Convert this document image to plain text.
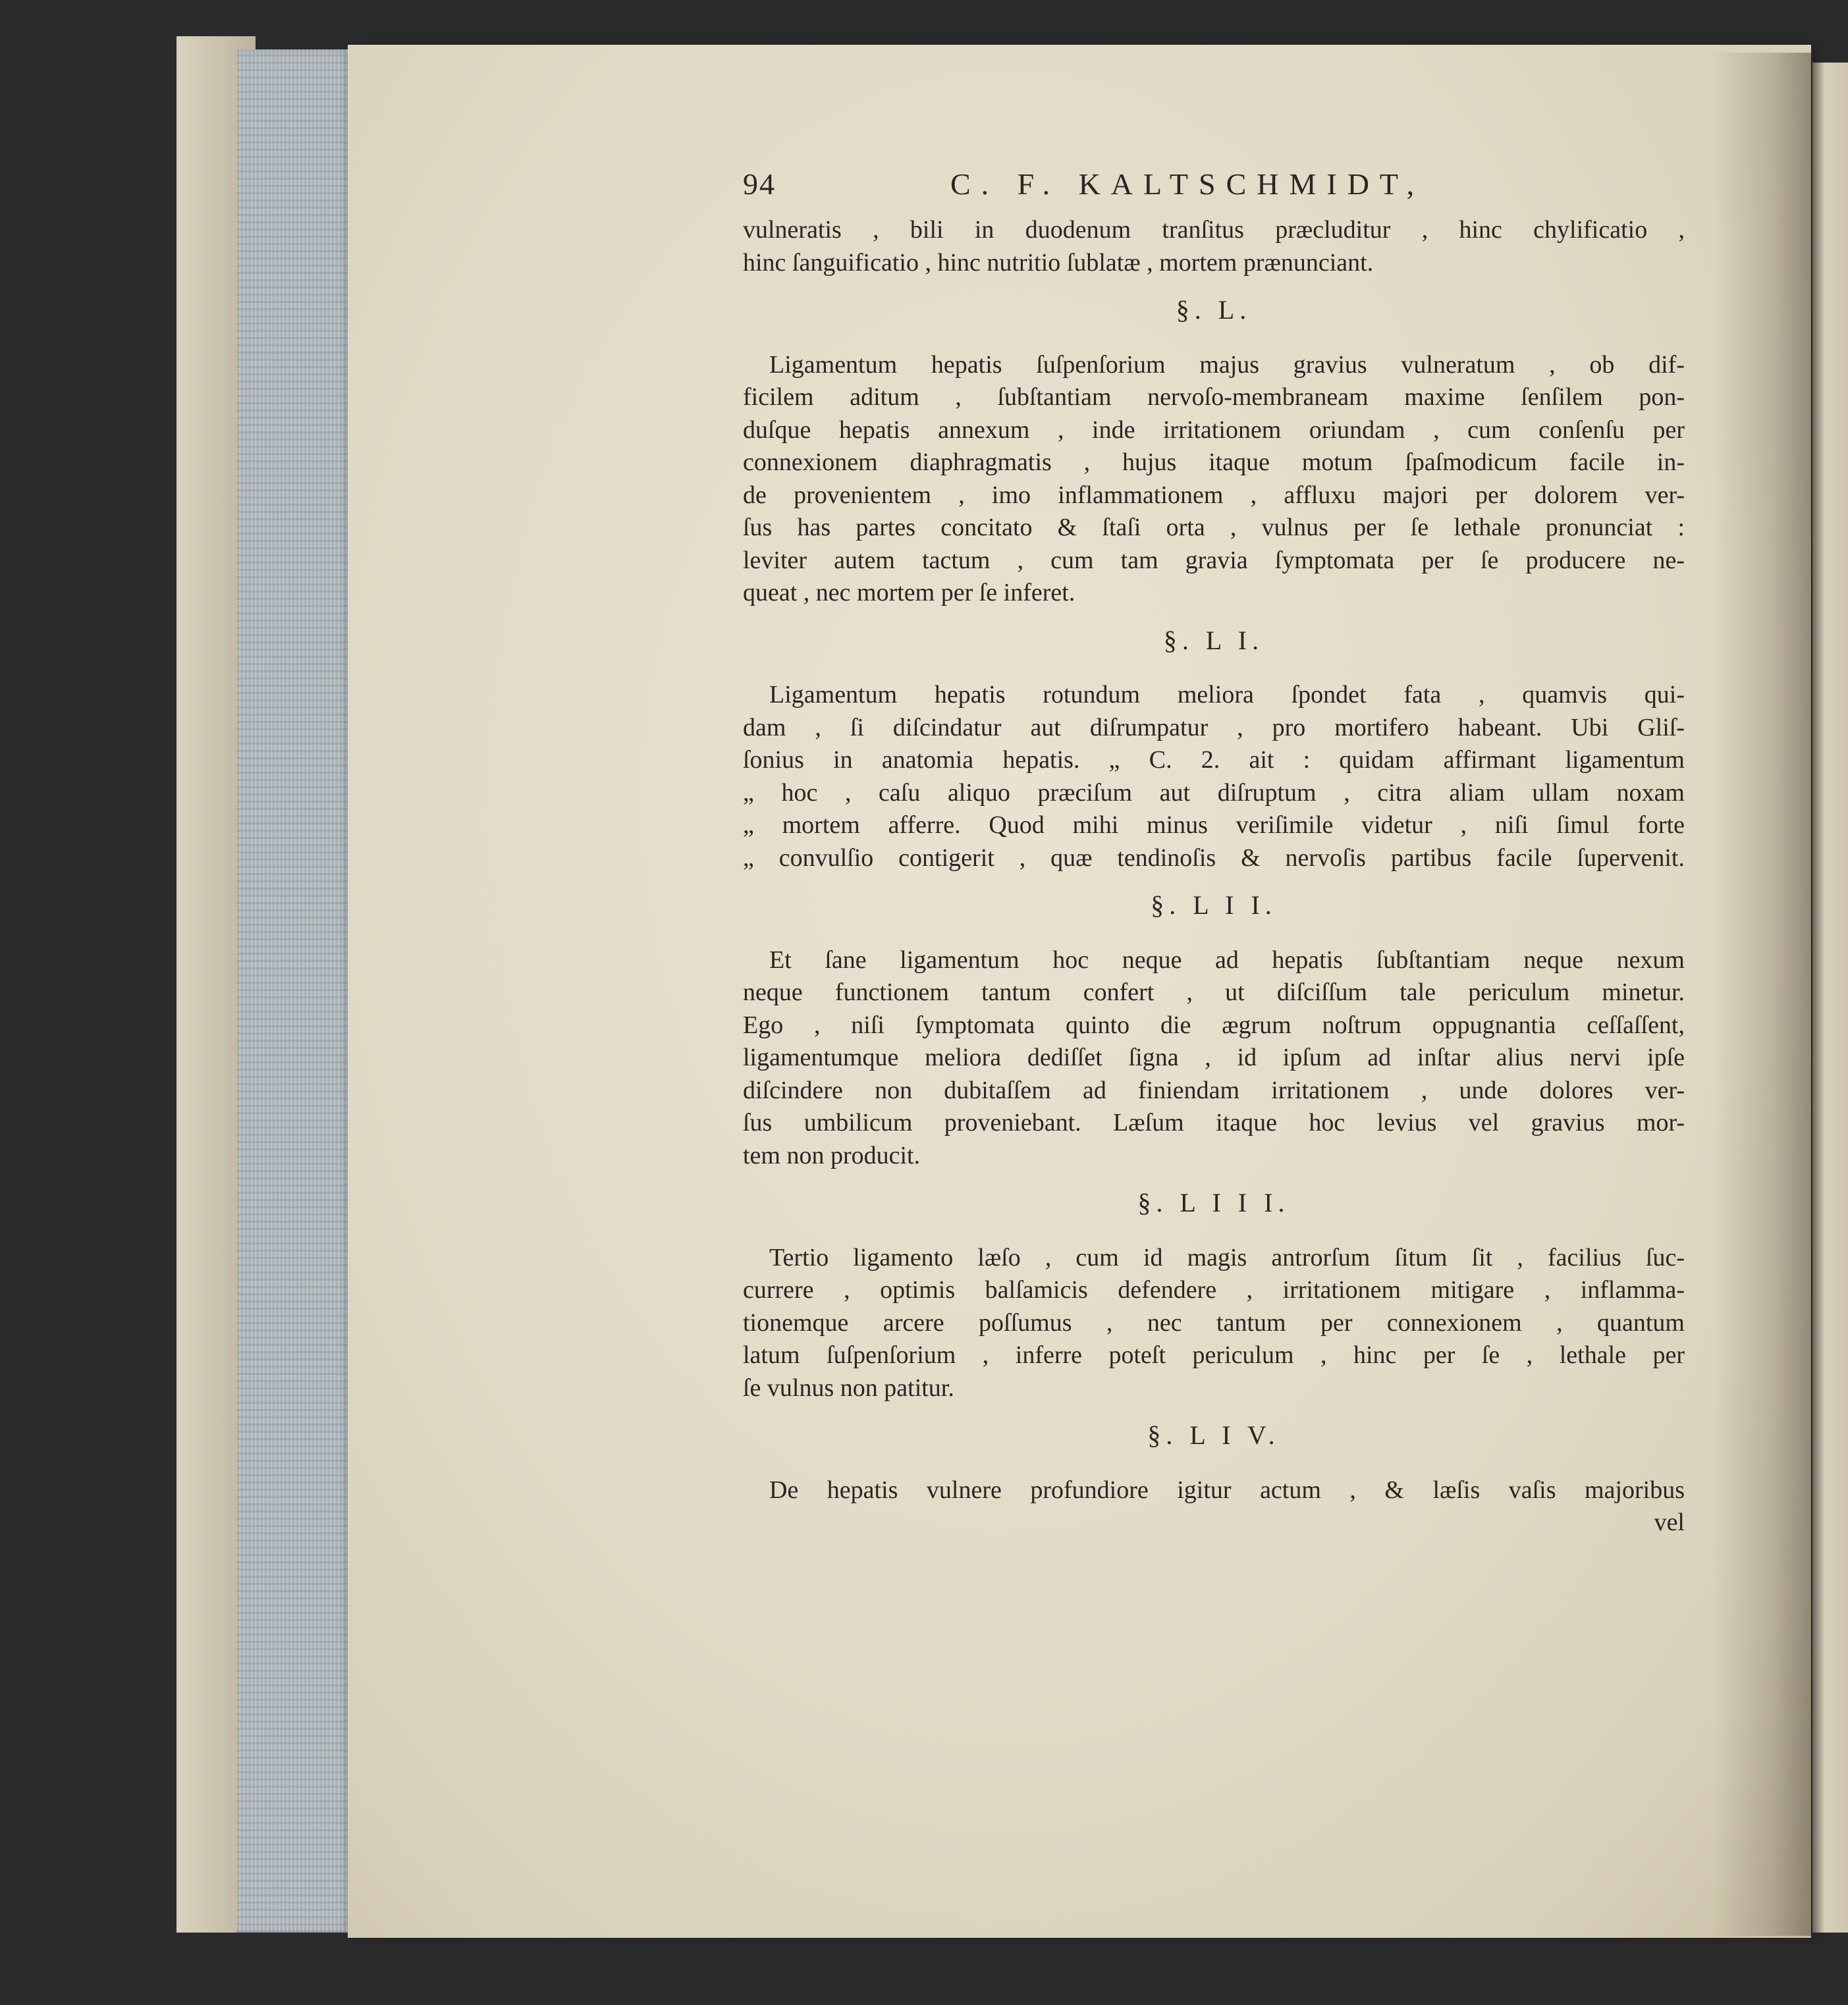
94	C. F. KALTSCHMIDT,
vulneratis , bili in duodenum tranſitus præcluditur , hinc chylificatio ,
hinc ſanguificatio , hinc nutritio ſublatæ , mortem prænunciant.
§. L.
Ligamentum hepatis ſuſpenſorium majus gravius vulneratum , ob dif-
ficilem aditum , ſubſtantiam nervoſo-membraneam maxime ſenſilem pon-
duſque hepatis annexum , inde irritationem oriundam , cum conſenſu per
connexionem diaphragmatis , hujus itaque motum ſpaſmodicum facile in-
de provenientem , imo inflammationem , affluxu majori per dolorem ver-
ſus has partes concitato & ſtaſi orta , vulnus per ſe lethale pronunciat :
leviter autem tactum , cum tam gravia ſymptomata per ſe producere ne-
queat , nec mortem per ſe inferet.
§. L I.
Ligamentum hepatis rotundum meliora ſpondet fata , quamvis qui-
dam , ſi diſcindatur aut diſrumpatur , pro mortifero habeant. Ubi Gliſ-
ſonius in anatomia hepatis. „ C. 2. ait : quidam affirmant ligamentum
„ hoc , caſu aliquo præciſum aut diſruptum , citra aliam ullam noxam
„ mortem afferre. Quod mihi minus veriſimile videtur , niſi ſimul forte
„ convulſio contigerit , quæ tendinoſis & nervoſis partibus facile ſupervenit.
§. L I I.
Et ſane ligamentum hoc neque ad hepatis ſubſtantiam neque nexum
neque functionem tantum confert , ut diſciſſum tale periculum minetur.
Ego , niſi ſymptomata quinto die ægrum noſtrum oppugnantia ceſſaſſent,
ligamentumque meliora dediſſet ſigna , id ipſum ad inſtar alius nervi ipſe
diſcindere non dubitaſſem ad finiendam irritationem , unde dolores ver-
ſus umbilicum proveniebant. Læſum itaque hoc levius vel gravius mor-
tem non producit.
§. L I I I.
Tertio ligamento læſo , cum id magis antrorſum ſitum ſit , facilius ſuc-
currere , optimis balſamicis defendere , irritationem mitigare , inflamma-
tionemque arcere poſſumus , nec tantum per connexionem , quantum
latum ſuſpenſorium , inferre poteſt periculum , hinc per ſe , lethale per
ſe vulnus non patitur.
§. L I V.
De hepatis vulnere profundiore igitur actum , & læſis vaſis majoribus
vel
